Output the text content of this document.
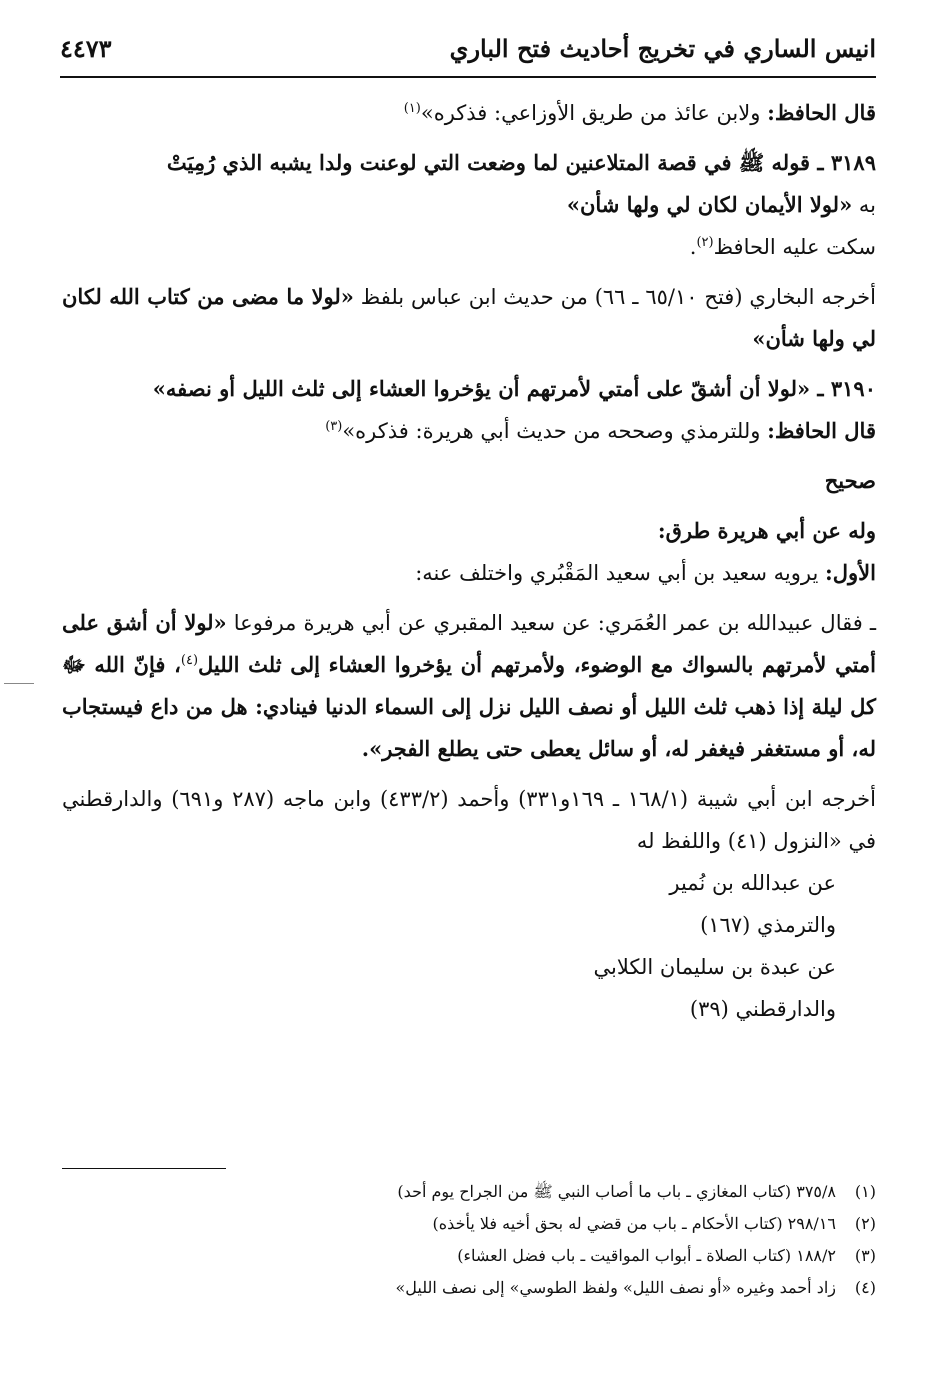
انيس الساري في تخريج أحاديث فتح الباري
٤٤٧٣

قال الحافظ: ولابن عائذ من طريق الأوزاعي: فذكره»$^{(١)}$

٣١٨٩ ـ قوله ﷺ في قصة المتلاعنين لما وضعت التي لوعنت ولدا يشبه الذي رُمِيَتْ
به «لولا الأيمان لكان لي ولها شأن»

سكت عليه الحافظ$^{(٢)}$.

أخرجه البخاري (فتح ٦٥/١٠ ـ ٦٦) من حديث ابن عباس بلفظ «لولا ما مضى من كتاب الله لكان لي ولها شأن»

٣١٩٠ ـ «لولا أن أشقّ على أمتي لأمرتهم أن يؤخروا العشاء إلى ثلث الليل أو نصفه»

قال الحافظ: وللترمذي وصححه من حديث أبي هريرة: فذكره»$^{(٣)}$

صحيح

وله عن أبي هريرة طرق:

الأول: يرويه سعيد بن أبي سعيد المَقْبُري واختلف عنه:

ـ فقال عبيدالله بن عمر العُمَري: عن سعيد المقبري عن أبي هريرة مرفوعا «لولا أن أشق على أمتي لأمرتهم بالسواك مع الوضوء، ولأمرتهم أن يؤخروا العشاء إلى ثلث الليل$^{(٤)}$، فإنّ الله ﷻ كل ليلة إذا ذهب ثلث الليل أو نصف الليل نزل إلى السماء الدنيا فينادي: هل من داع فيستجاب له، أو مستغفر فيغفر له، أو سائل يعطى حتى يطلع الفجر».

أخرجه ابن أبي شيبة (١٦٨/١ ـ ١٦٩و٣٣١) وأحمد (٤٣٣/٢) وابن ماجه (٢٨٧ و٦٩١) والدارقطني في «النزول (٤١) واللفظ له

عن عبدالله بن نُمير

والترمذي (١٦٧)

عن عبدة بن سليمان الكلابي

والدارقطني (٣٩)

(١)٣٧٥/٨ (كتاب المغازي ـ باب ما أصاب النبي ﷺ من الجراح يوم أحد)

(٢)٢٩٨/١٦ (كتاب الأحكام ـ باب من قضي له بحق أخيه فلا يأخذه)

(٣)١٨٨/٢ (كتاب الصلاة ـ أبواب المواقيت ـ باب فضل العشاء)

(٤)زاد أحمد وغيره «أو نصف الليل» ولفظ الطوسي» إلى نصف الليل»
